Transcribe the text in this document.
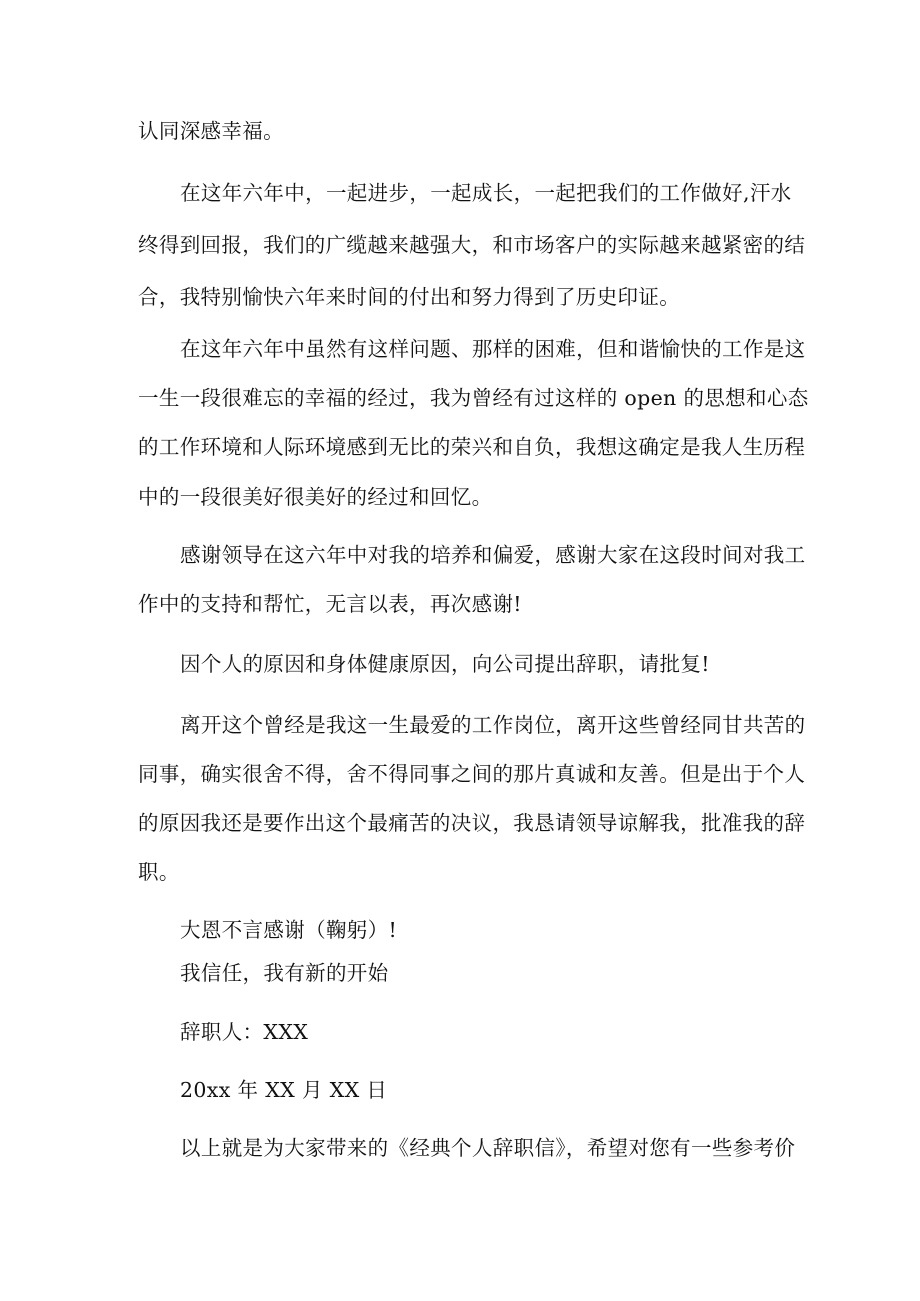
认同深感幸福。
在这年六年中，一起进步，一起成长，一起把我们的工作做好,汗水
终得到回报，我们的广缆越来越强大，和市场客户的实际越来越紧密的结
合，我特别愉快六年来时间的付出和努力得到了历史印证。
在这年六年中虽然有这样问题、那样的困难，但和谐愉快的工作是这
一生一段很难忘的幸福的经过，我为曾经有过这样的 open 的思想和心态
的工作环境和人际环境感到无比的荣兴和自负，我想这确定是我人生历程
中的一段很美好很美好的经过和回忆。
感谢领导在这六年中对我的培养和偏爱，感谢大家在这段时间对我工
作中的支持和帮忙，无言以表，再次感谢!
因个人的原因和身体健康原因，向公司提出辞职，请批复!
离开这个曾经是我这一生最爱的工作岗位，离开这些曾经同甘共苦的
同事，确实很舍不得，舍不得同事之间的那片真诚和友善。但是出于个人
的原因我还是要作出这个最痛苦的决议，我恳请领导谅解我，批准我的辞
职。
大恩不言感谢（鞠躬）!
我信任，我有新的开始
辞职人：XXX
20xx 年 XX 月 XX 日
以上就是为大家带来的《经典个人辞职信》，希望对您有一些参考价
